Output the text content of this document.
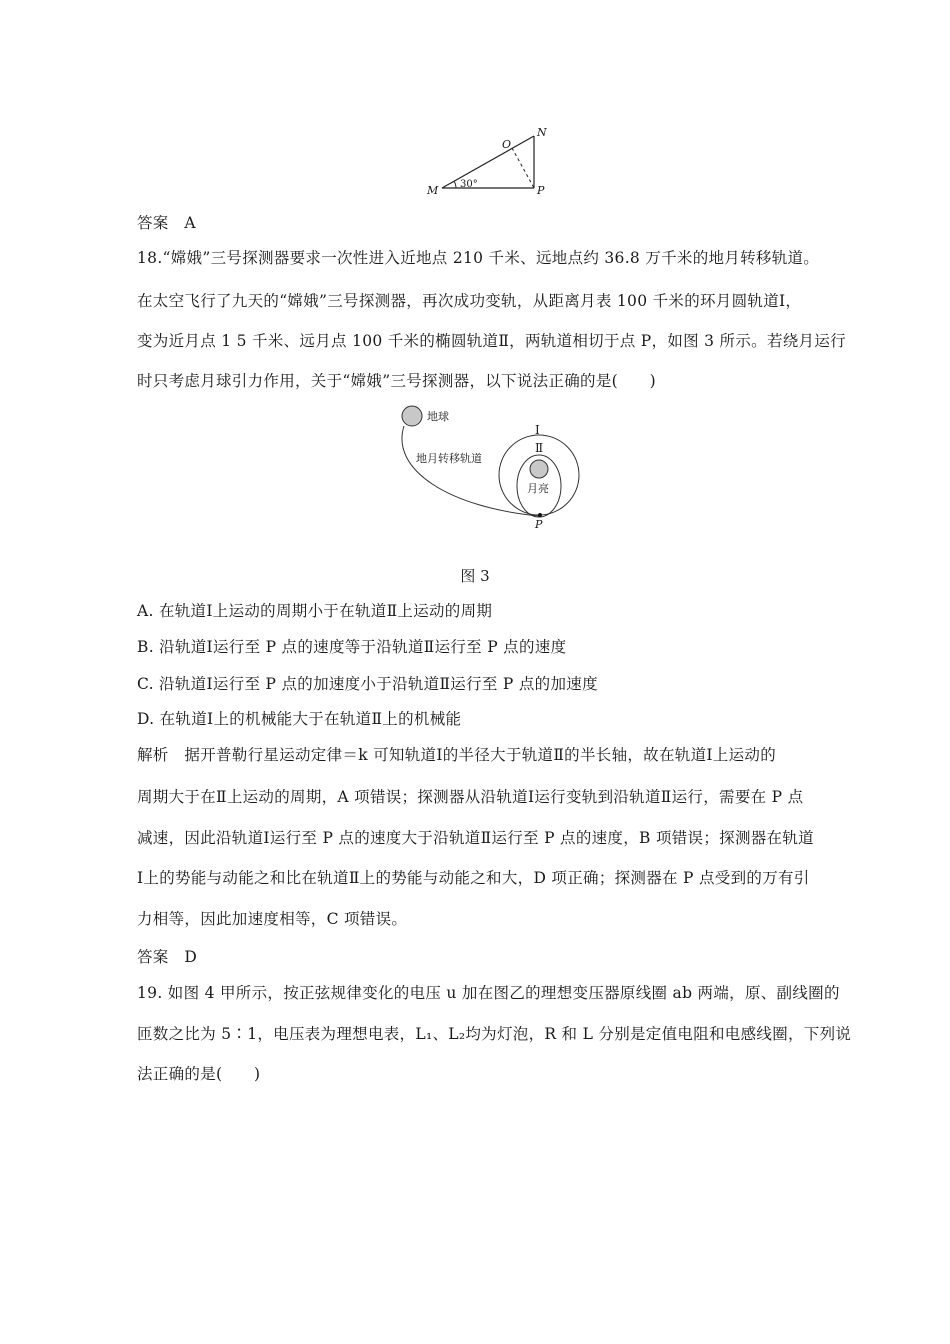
O
N
M	P
30°
答案　A
18.“嫦娥”三号探测器要求一次性进入近地点 210 千米、远地点约 36.8 万千米的地月转移轨道。
在太空飞行了九天的“嫦娥”三号探测器，再次成功变轨，从距离月表 100 千米的环月圆轨道Ⅰ，
变为近月点 1 5 千米、远月点 100 千米的椭圆轨道Ⅱ，两轨道相切于点 P，如图 3 所示。若绕月运行
时只考虑月球引力作用，关于“嫦娥”三号探测器，以下说法正确的是(　　)
地球
地月转移轨道
Ⅰ
Ⅱ
月亮
P
图 3
A. 在轨道Ⅰ上运动的周期小于在轨道Ⅱ上运动的周期
B. 沿轨道Ⅰ运行至 P 点的速度等于沿轨道Ⅱ运行至 P 点的速度
C. 沿轨道Ⅰ运行至 P 点的加速度小于沿轨道Ⅱ运行至 P 点的加速度
D. 在轨道Ⅰ上的机械能大于在轨道Ⅱ上的机械能
解析　据开普勒行星运动定律＝k 可知轨道Ⅰ的半径大于轨道Ⅱ的半长轴，故在轨道Ⅰ上运动的
周期大于在Ⅱ上运动的周期，A 项错误；探测器从沿轨道Ⅰ运行变轨到沿轨道Ⅱ运行，需要在 P 点
减速，因此沿轨道Ⅰ运行至 P 点的速度大于沿轨道Ⅱ运行至 P 点的速度，B 项错误；探测器在轨道
Ⅰ上的势能与动能之和比在轨道Ⅱ上的势能与动能之和大，D 项正确；探测器在 P 点受到的万有引
力相等，因此加速度相等，C 项错误。
答案　D
19. 如图 4 甲所示，按正弦规律变化的电压 u 加在图乙的理想变压器原线圈 ab 两端，原、副线圈的
匝数之比为 5∶1，电压表为理想电表，L₁、L₂均为灯泡，R 和 L 分别是定值电阻和电感线圈，下列说
法正确的是(　　)
